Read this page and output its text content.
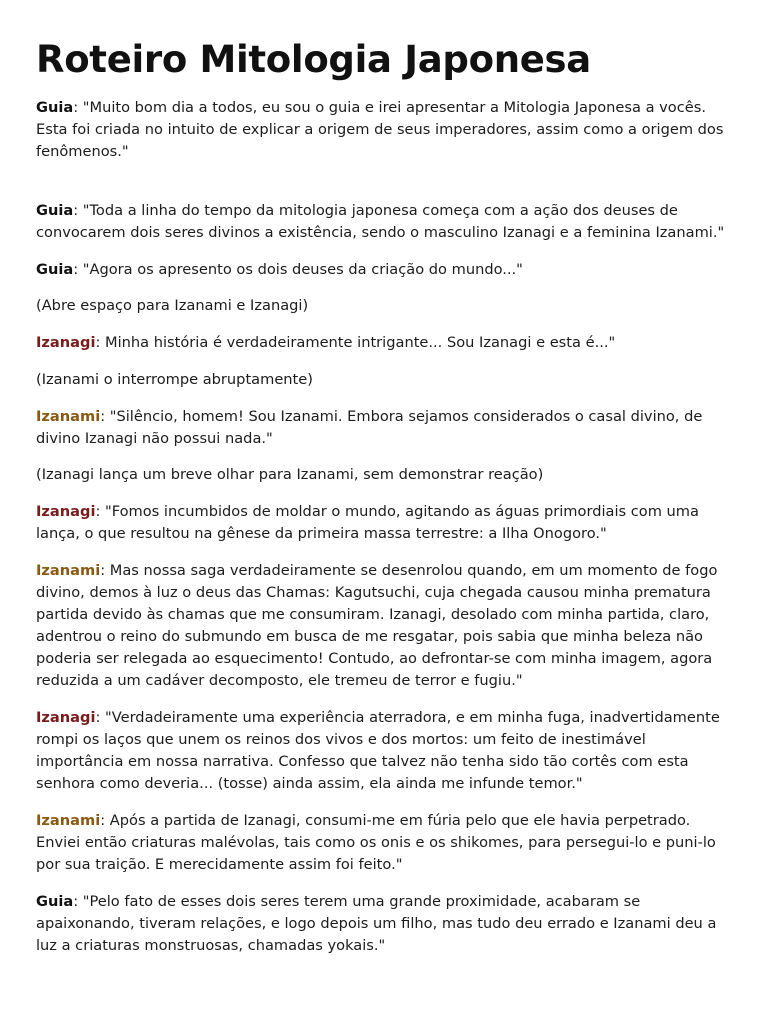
Roteiro Mitologia Japonesa

Guia: "Muito bom dia a todos, eu sou o guia e irei apresentar a Mitologia Japonesa a vocês. Esta foi criada no intuito de explicar a origem de seus imperadores, assim como a origem dos fenômenos."

Guia: "Toda a linha do tempo da mitologia japonesa começa com a ação dos deuses de convocarem dois seres divinos a existência, sendo o masculino Izanagi e a feminina Izanami."

Guia: "Agora os apresento os dois deuses da criação do mundo..."

(Abre espaço para Izanami e Izanagi)

Izanagi: Minha história é verdadeiramente intrigante... Sou Izanagi e esta é..."

(Izanami o interrompe abruptamente)

Izanami: "Silêncio, homem! Sou Izanami. Embora sejamos considerados o casal divino, de divino Izanagi não possui nada."

(Izanagi lança um breve olhar para Izanami, sem demonstrar reação)

Izanagi: "Fomos incumbidos de moldar o mundo, agitando as águas primordiais com uma lança, o que resultou na gênese da primeira massa terrestre: a Ilha Onogoro."

Izanami: Mas nossa saga verdadeiramente se desenrolou quando, em um momento de fogo divino, demos à luz o deus das Chamas: Kagutsuchi, cuja chegada causou minha prematura partida devido às chamas que me consumiram. Izanagi, desolado com minha partida, claro, adentrou o reino do submundo em busca de me resgatar, pois sabia que minha beleza não poderia ser relegada ao esquecimento! Contudo, ao defrontar-se com minha imagem, agora reduzida a um cadáver decomposto, ele tremeu de terror e fugiu."

Izanagi: "Verdadeiramente uma experiência aterradora, e em minha fuga, inadvertidamente rompi os laços que unem os reinos dos vivos e dos mortos: um feito de inestimável importância em nossa narrativa. Confesso que talvez não tenha sido tão cortês com esta senhora como deveria... (tosse) ainda assim, ela ainda me infunde temor."

Izanami: Após a partida de Izanagi, consumi-me em fúria pelo que ele havia perpetrado. Enviei então criaturas malévolas, tais como os onis e os shikomes, para persegui-lo e puni-lo por sua traição. E merecidamente assim foi feito."

Guia: "Pelo fato de esses dois seres terem uma grande proximidade, acabaram se apaixonando, tiveram relações, e logo depois um filho, mas tudo deu errado e Izanami deu a luz a criaturas monstruosas, chamadas yokais."
